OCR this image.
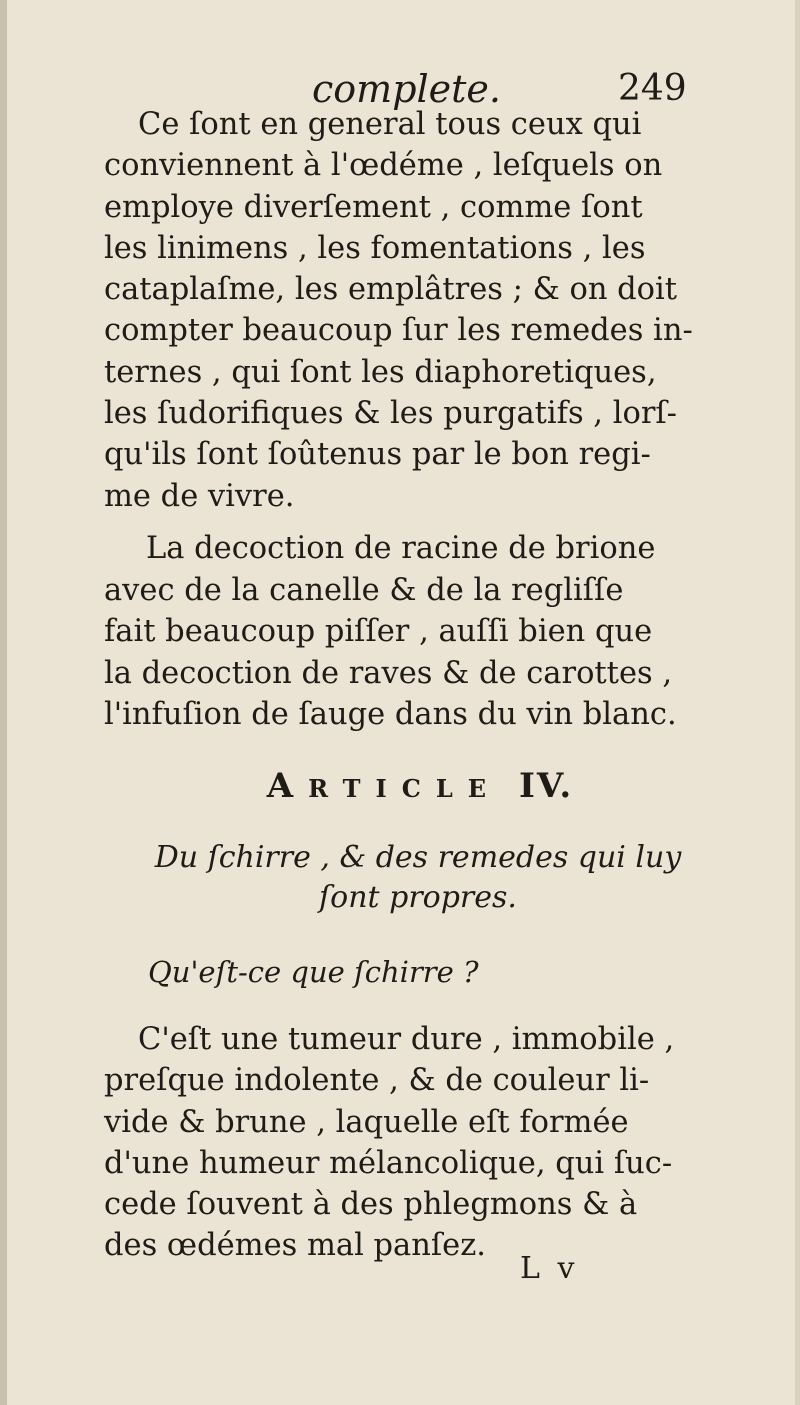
complete.	249

Ce ſont en general tous ceux qui
conviennent à l'œdéme , leſquels on
employe diverſement , comme ſont
les linimens , les fomentations , les
cataplaſme, les emplâtres ; & on doit
compter beaucoup ſur les remedes in-
ternes , qui ſont les diaphoretiques,
les ſudorifiques & les purgatifs , lorſ-
qu'ils ſont ſoûtenus par le bon regi-
me de vivre.

La decoction de racine de brione
avec de la canelle & de la regliſſe
fait beaucoup piſſer , auſſi bien que
la decoction de raves & de carottes ,
l'infuſion de ſauge dans du vin blanc.

Article IV.
Du ſchirre , & des remedes qui luy
ſont propres.

Qu'eſt-ce que ſchirre ?

C'eſt une tumeur dure , immobile ,
preſque indolente , & de couleur li-
vide & brune , laquelle eſt formée
d'une humeur mélancolique, qui ſuc-
cede ſouvent à des phlegmons & à
des œdémes mal panſez.

L v
